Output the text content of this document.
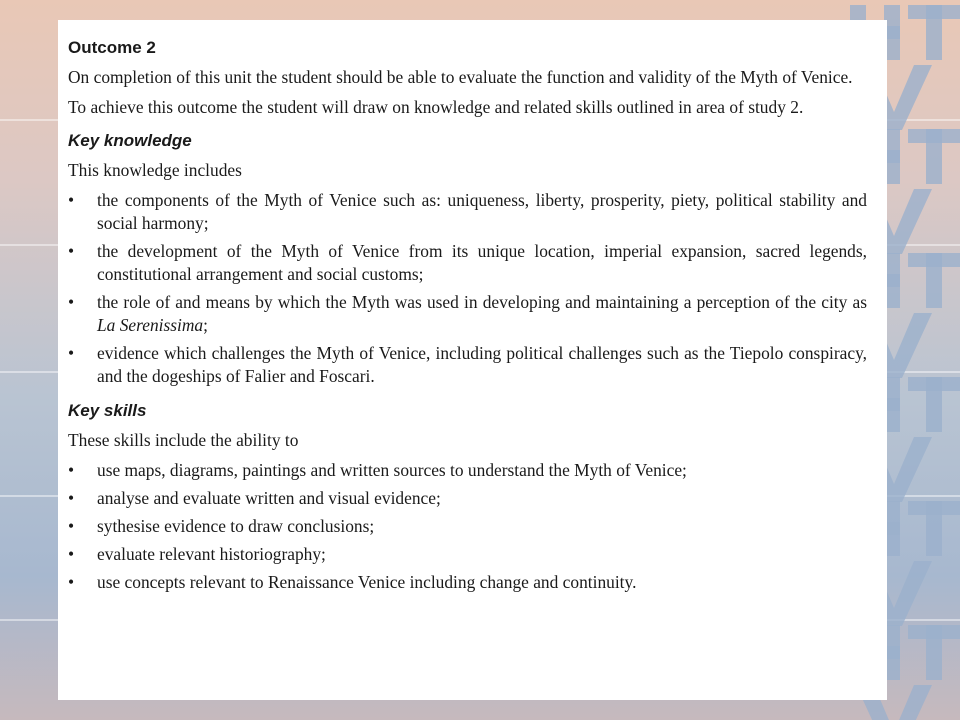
Outcome 2

On completion of this unit the student should be able to evaluate the function and validity of the Myth of Venice.

To achieve this outcome the student will draw on knowledge and related skills outlined in area of study 2.

Key knowledge

This knowledge includes

• the components of the Myth of Venice such as: uniqueness, liberty, prosperity, piety, political stability and social harmony;
• the development of the Myth of Venice from its unique location, imperial expansion, sacred legends, constitutional arrangement and social customs;
• the role of and means by which the Myth was used in developing and maintaining a perception of the city as La Serenissima;
• evidence which challenges the Myth of Venice, including political challenges such as the Tiepolo conspiracy, and the dogeships of Falier and Foscari.
Key skills

These skills include the ability to

• use maps, diagrams, paintings and written sources to understand the Myth of Venice;
• analyse and evaluate written and visual evidence;
• sythesise evidence to draw conclusions;
• evaluate relevant historiography;
• use concepts relevant to Renaissance Venice including change and continuity.
